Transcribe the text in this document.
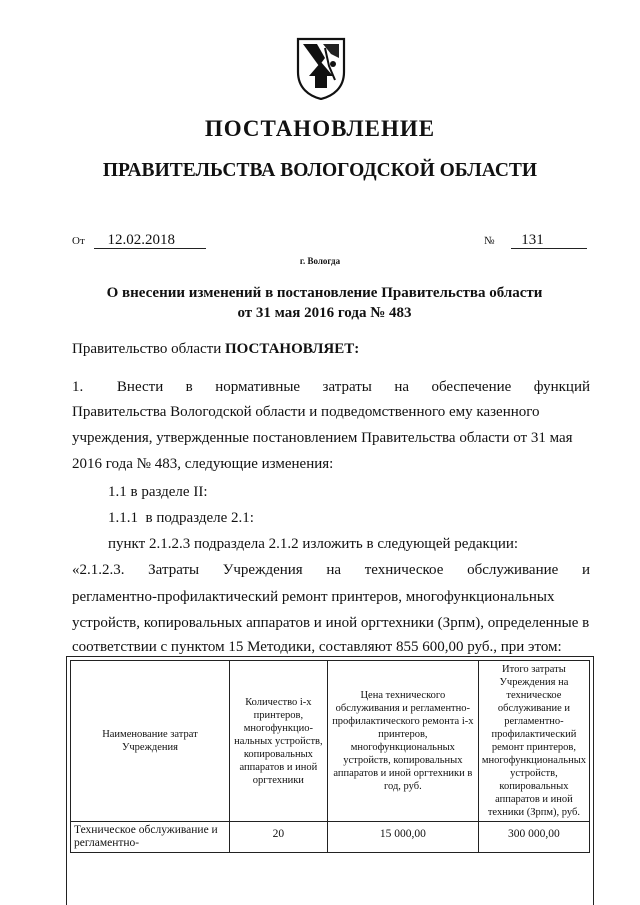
ПОСТАНОВЛЕНИЕ
ПРАВИТЕЛЬСТВА ВОЛОГОДСКОЙ ОБЛАСТИ
От 12.02.2018	№ 131
г. Вологда
О внесении изменений в постановление Правительства области
от 31 мая 2016 года № 483
Правительство области ПОСТАНОВЛЯЕТ:
1.      Внести    в    нормативные    затраты    на    обеспечение    функций
Правительства Вологодской области и подведомственного ему казенного
учреждения, утвержденные постановлением Правительства области от 31 мая
2016 года № 483, следующие изменения:
1.1 в разделе II:
1.1.1  в подразделе 2.1:
пункт 2.1.2.3 подраздела 2.1.2 изложить в следующей редакции:
«2.1.2.3.    Затраты    Учреждения    на    техническое    обслуживание    и
регламентно-профилактический ремонт принтеров, многофункциональных
устройств, копировальных аппаратов и иной оргтехники (Зрпм), определенные в
соответствии с пунктом 15 Методики, составляют 855 600,00 руб., при этом:
Наименование затрат Учреждения	Количество i-х принтеров, многофункцио-нальных устройств, копировальных аппаратов и иной оргтехники	Цена технического обслуживания и регламентно-профилактического ремонта i-х принтеров, многофункциональных устройств, копировальных аппаратов и иной оргтехники в год, руб.	Итого затраты Учреждения на техническое обслуживание и регламентно-профилактический ремонт принтеров, многофункциональных устройств, копировальных аппаратов и иной техники (Зрпм), руб.
Техническое обслуживание и регламентно-	20	15 000,00	300 000,00
